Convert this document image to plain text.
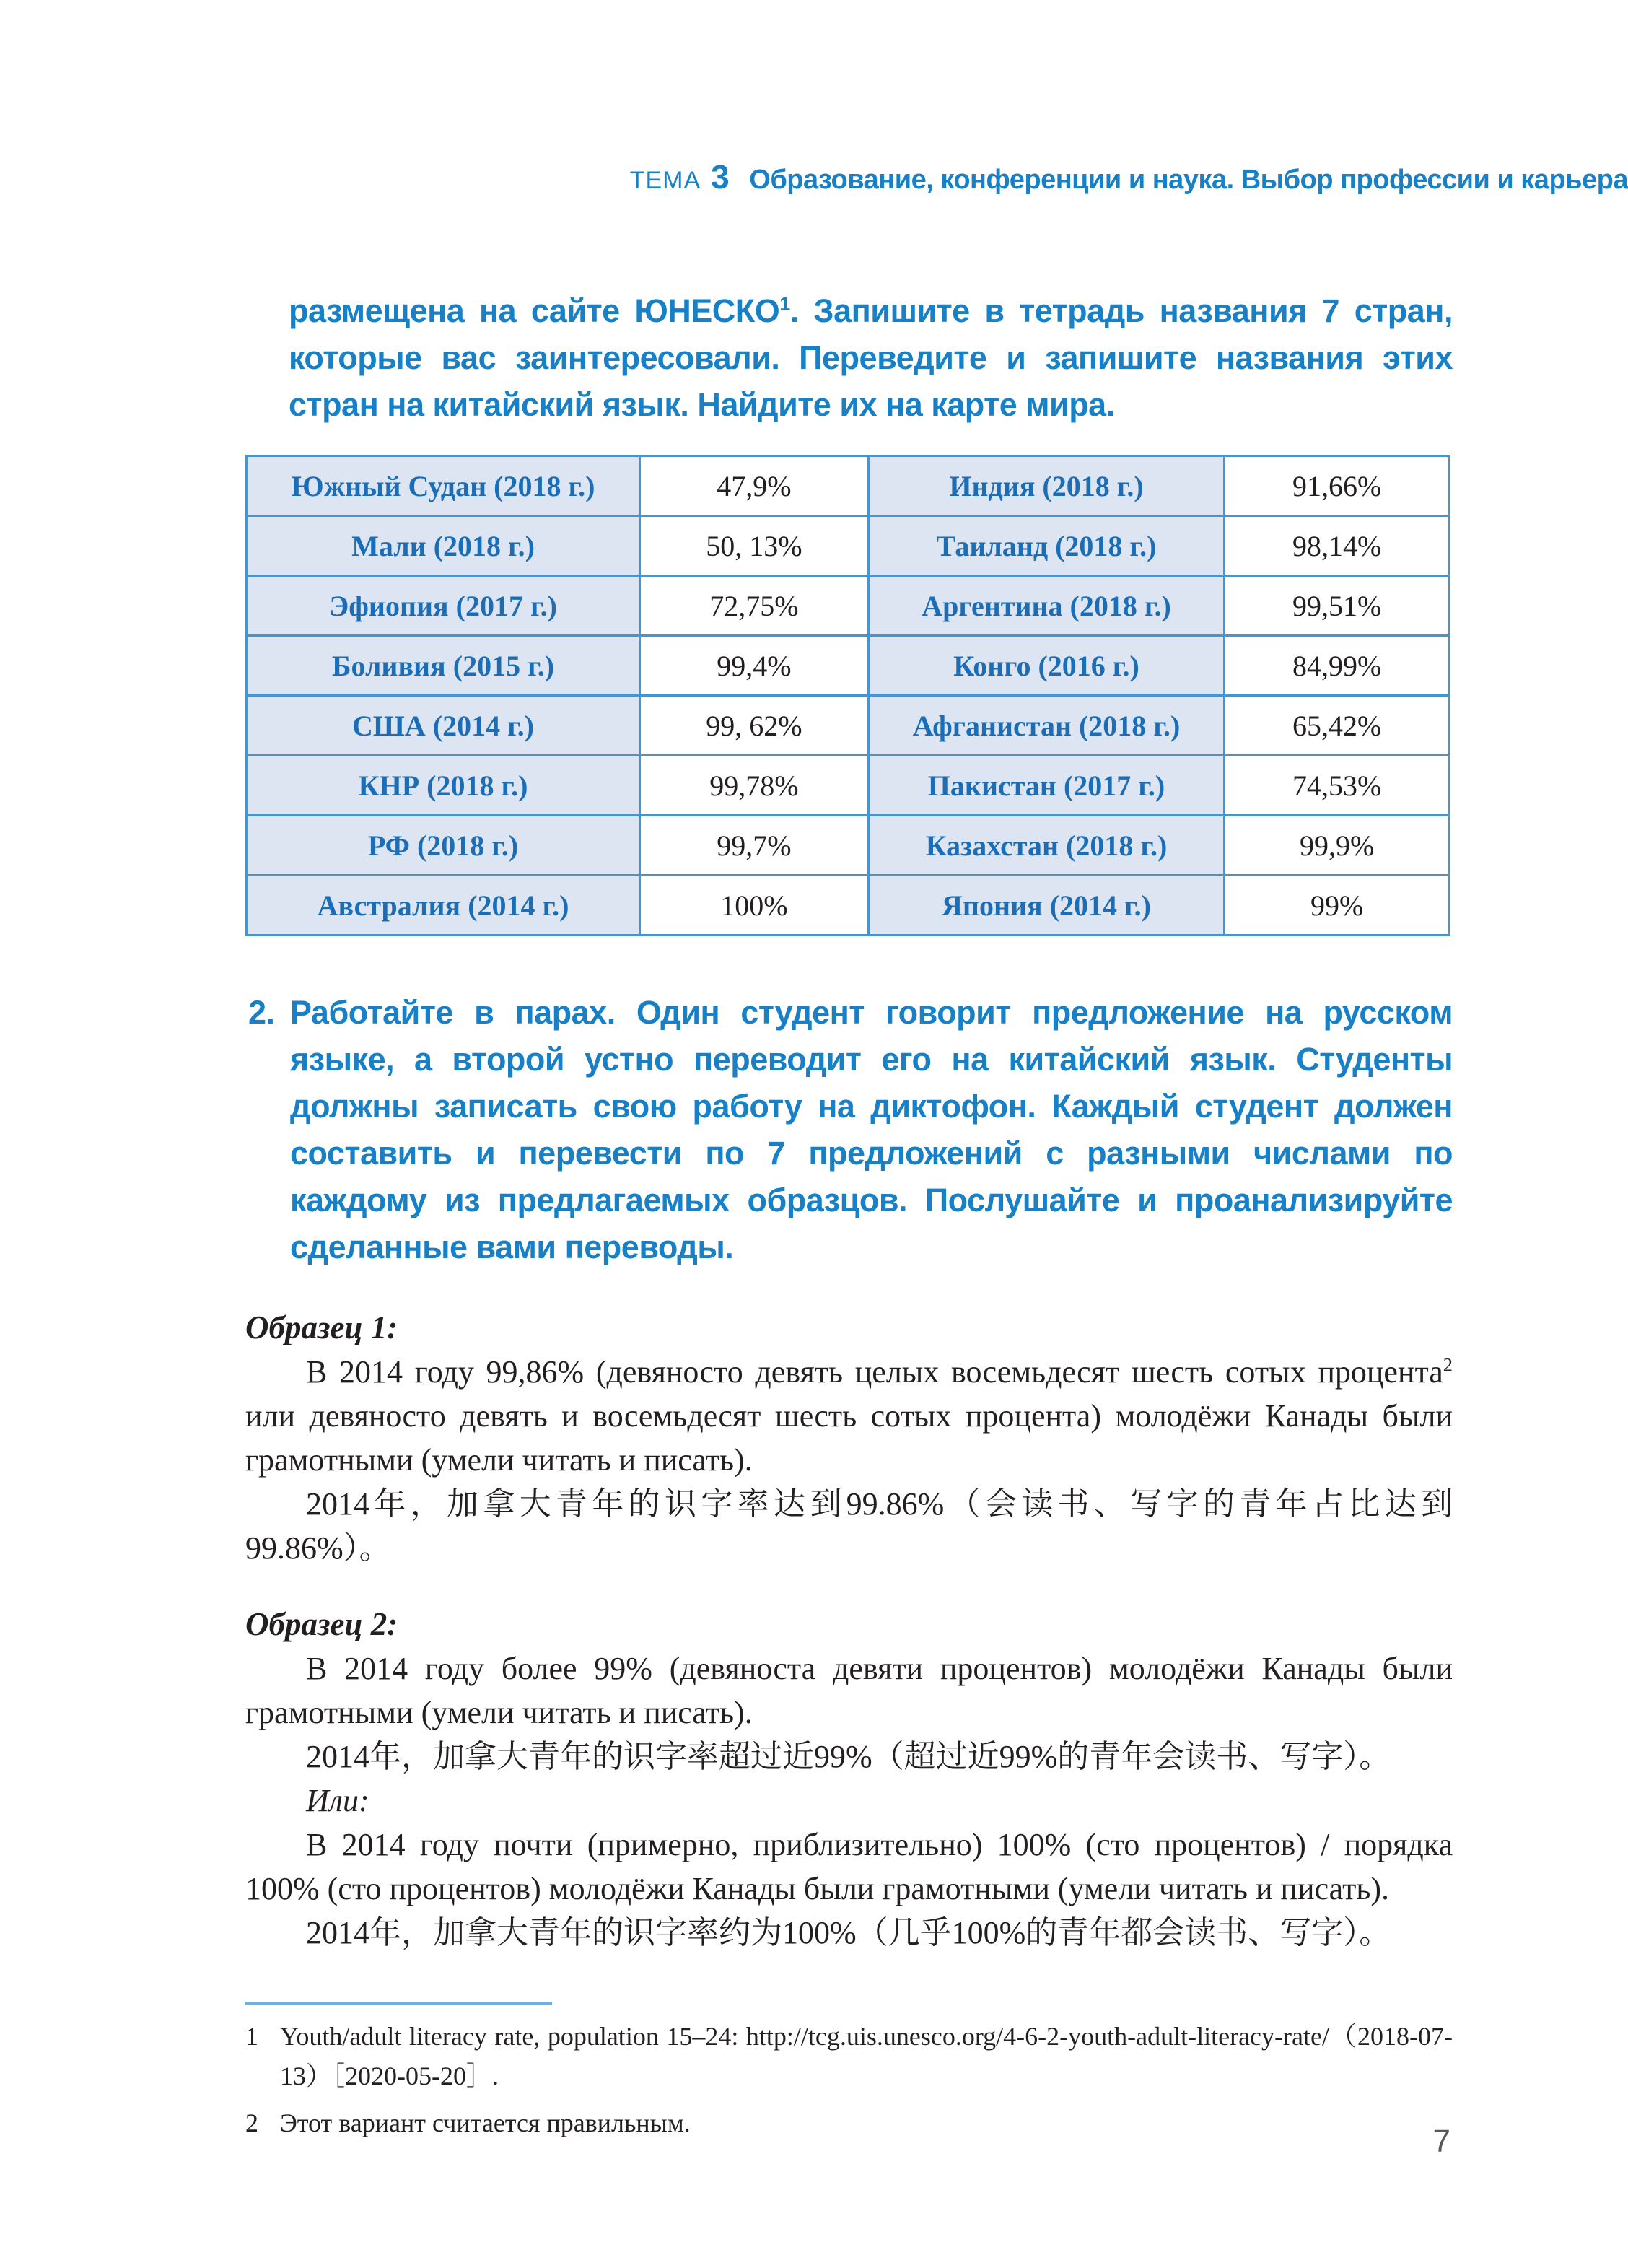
ТЕМА 3 Образование, конференции и наука. Выбор профессии и карьера

размещена на сайте ЮНЕСКО$^1$. Запишите в тетрадь названия 7 стран, которые вас заинтересовали. Переведите и запишите названия этих стран на китайский язык. Найдите их на карте мира.

Южный Судан (2018 г.)	47,9%	Индия (2018 г.)	91,66%
Мали (2018 г.)	50, 13%	Таиланд (2018 г.)	98,14%
Эфиопия (2017 г.)	72,75%	Аргентина (2018 г.)	99,51%
Боливия (2015 г.)	99,4%	Конго (2016 г.)	84,99%
США (2014 г.)	99, 62%	Афганистан (2018 г.)	65,42%
КНР (2018 г.)	99,78%	Пакистан (2017 г.)	74,53%
РФ (2018 г.)	99,7%	Казахстан (2018 г.)	99,9%
Австралия (2014 г.)	100%	Япония (2014 г.)	99%
2. Работайте в парах. Один студент говорит предложение на русском языке, а второй устно переводит его на китайский язык. Студенты должны записать свою работу на диктофон. Каждый студент должен составить и перевести по 7 предложений с разными числами по каждому из предлагаемых образцов. Послушайте и проанализируйте сделанные вами переводы.
Образец 1:

В 2014 году 99,86% (девяносто девять целых восемьдесят шесть сотых процента$^2$ или девяносто девять и восемьдесят шесть сотых процента) молодёжи Канады были грамотными (умели читать и писать).

2014年，加拿大青年的识字率达到99.86%（会读书、写字的青年占比达到99.86%）。

Образец 2:

В 2014 году более 99% (девяноста девяти процентов) молодёжи Канады были грамотными (умели читать и писать).

2014年，加拿大青年的识字率超过近99%（超过近99%的青年会读书、写字）。

Или:

В 2014 году почти (примерно, приблизительно) 100% (сто процентов) / порядка 100% (сто процентов) молодёжи Канады были грамотными (умели читать и писать).

2014年，加拿大青年的识字率约为100%（几乎100%的青年都会读书、写字）。

1 Youth/adult literacy rate, population 15–24: http://tcg.uis.unesco.org/4-6-2-youth-adult-literacy-rate/（2018-07-13）［2020-05-20］.
2 Этот вариант считается правильным.
7
